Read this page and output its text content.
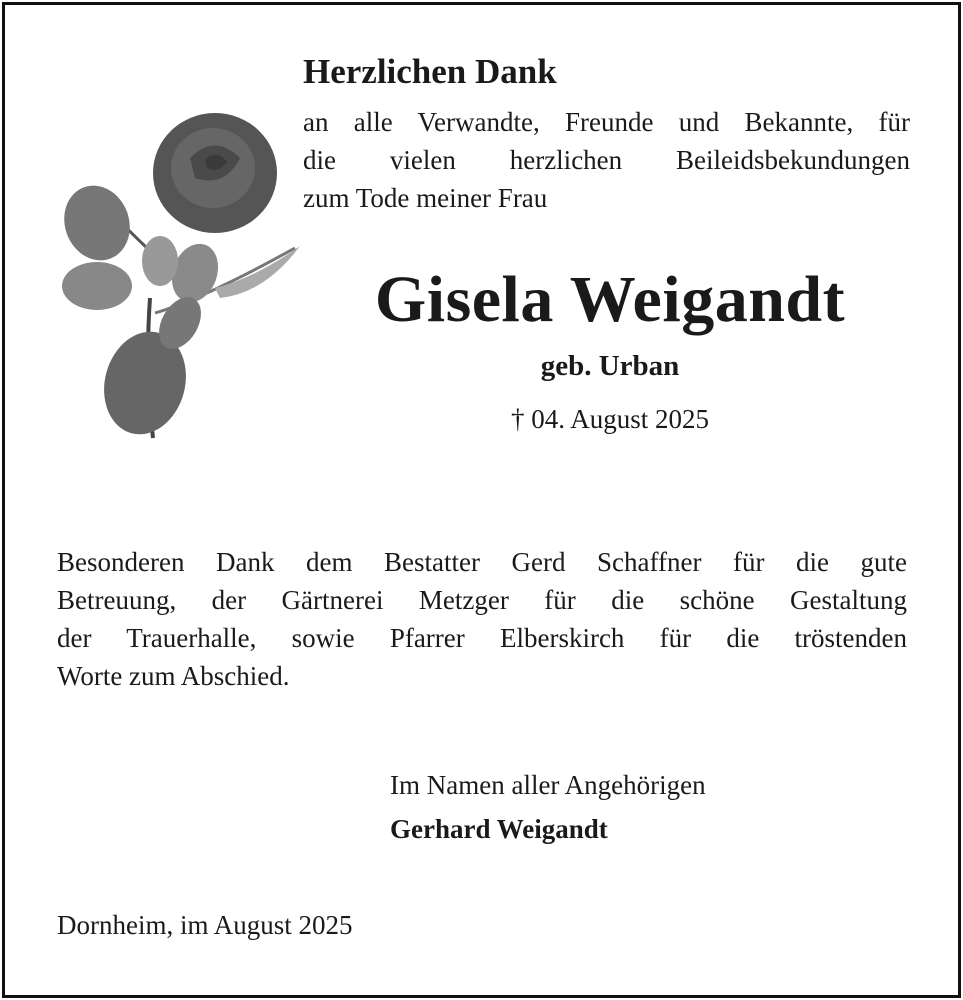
Herzlichen Dank
an alle Verwandte, Freunde und Bekannte, für
die vielen herzlichen Beileidsbekundungen
zum Tode meiner Frau
Gisela Weigandt
geb. Urban
† 04. August 2025
Besonderen Dank dem Bestatter Gerd Schaffner für die gute
Betreuung, der Gärtnerei Metzger für die schöne Gestaltung
der Trauerhalle, sowie Pfarrer Elberskirch für die tröstenden
Worte zum Abschied.
Im Namen aller Angehörigen
Gerhard Weigandt
Dornheim, im August 2025
